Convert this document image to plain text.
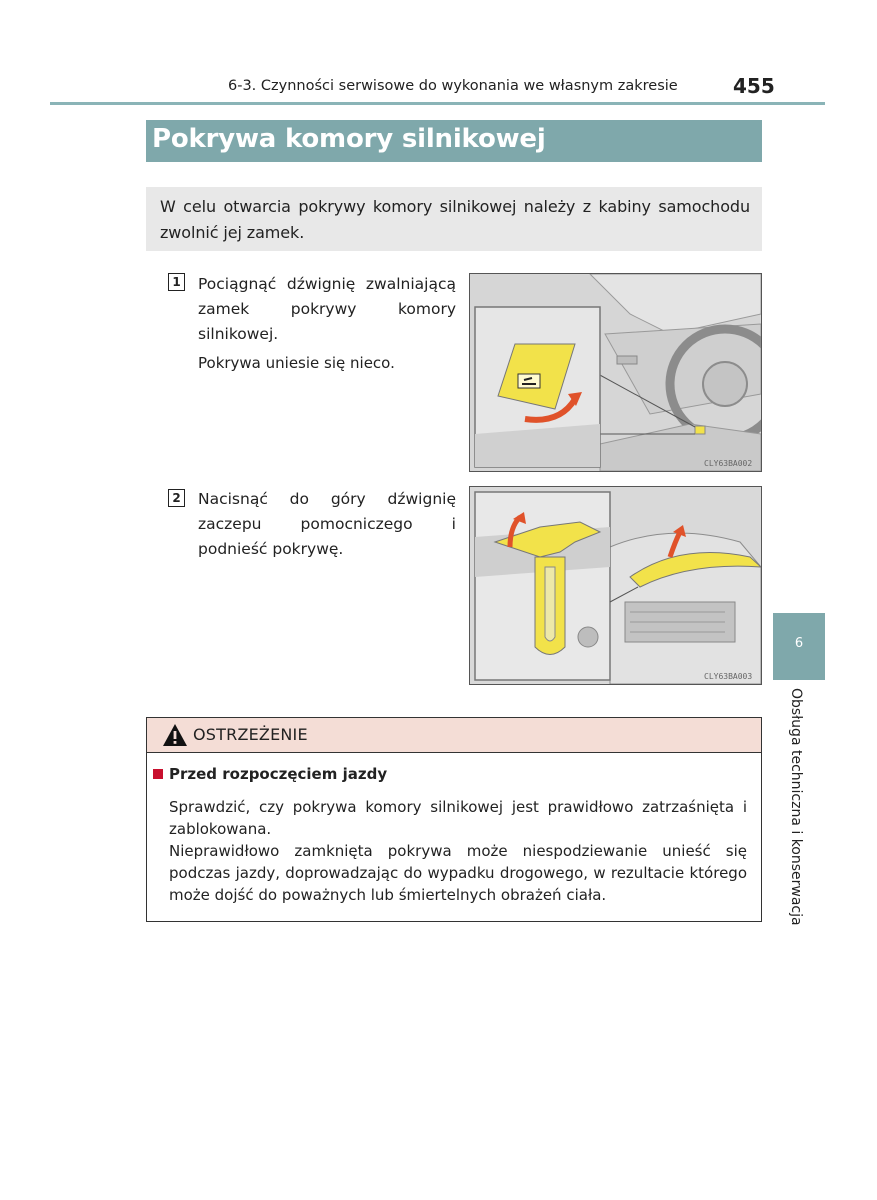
6-3. Czynności serwisowe do wykonania we własnym zakresie	455
Pokrywa komory silnikowej
W celu otwarcia pokrywy komory silnikowej należy z kabiny samochodu zwolnić jej zamek.
1 Pociągnąć dźwignię zwalniającą zamek pokrywy komory silnikowej.
Pokrywa uniesie się nieco.
CLY63BA002
2 Nacisnąć do góry dźwignię zaczepu pomocniczego i podnieść pokrywę.
CLY63BA003
6
Obsługa techniczna i konserwacja
OSTRZEŻENIE
Przed rozpoczęciem jazdy

Sprawdzić, czy pokrywa komory silnikowej jest prawidłowo zatrzaśnięta i zablokowana.

Nieprawidłowo zamknięta pokrywa może niespodziewanie unieść się podczas jazdy, doprowadzając do wypadku drogowego, w rezultacie którego może dojść do poważnych lub śmiertelnych obrażeń ciała.
